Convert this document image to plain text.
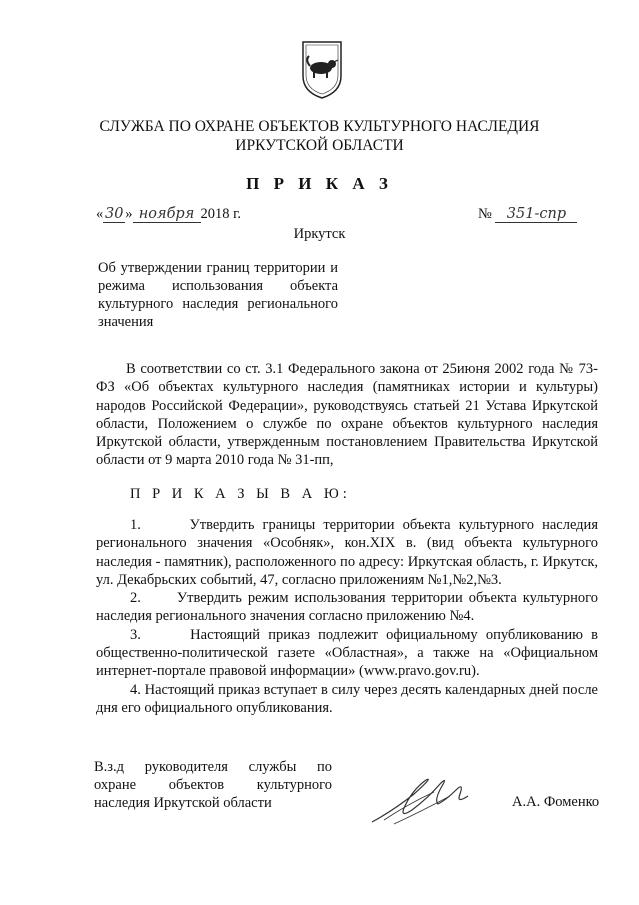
СЛУЖБА ПО ОХРАНЕ ОБЪЕКТОВ КУЛЬТУРНОГО НАСЛЕДИЯ
ИРКУТСКОЙ ОБЛАСТИ
П Р И К А З
« 30 » ноября 2018 г.	№ 351-спр
Иркутск
Об утверждении границ территории и режима использования объекта культурного наследия регионального значения

В соответствии со ст. 3.1 Федерального закона от 25июня 2002 года № 73-ФЗ «Об объектах культурного наследия (памятниках истории и культуры) народов Российской Федерации», руководствуясь статьей 21 Устава Иркутской области, Положением о службе по охране объектов культурного наследия Иркутской области, утвержденным постановлением Правительства Иркутской области от 9 марта 2010 года № 31-пп,

П Р И К А З Ы В А Ю:

1.      Утвердить границы территории объекта культурного наследия регионального значения «Особняк», кон.XIX в. (вид объекта культурного наследия - памятник), расположенного по адресу: Иркутская область, г. Иркутск, ул. Декабрьских событий, 47, согласно приложениям №1,№2,№3.

2.      Утвердить режим использования территории объекта культурного наследия регионального значения согласно приложению №4.

3.      Настоящий приказ подлежит официальному опубликованию в общественно-политической газете «Областная», а также на «Официальном интернет-портале правовой информации» (www.pravo.gov.ru).

4. Настоящий приказ вступает в силу через десять календарных дней после дня его официального опубликования.

В.з.д руководителя службы по
охране объектов культурного
наследия Иркутской области	А.А. Фоменко
